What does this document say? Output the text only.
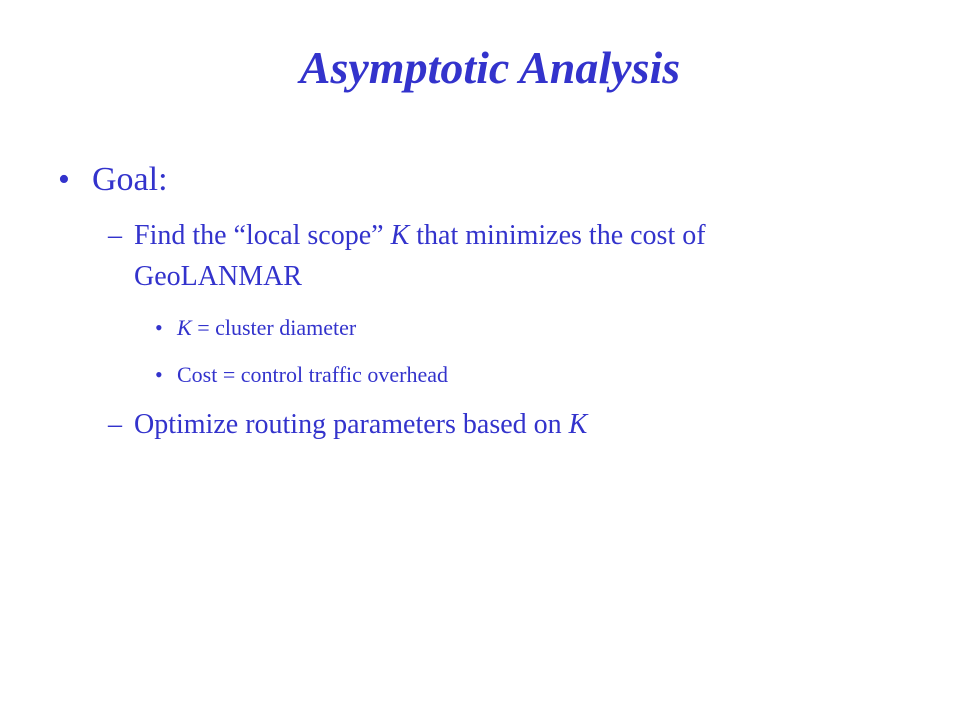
Asymptotic Analysis
• Goal:
– Find the “local scope” K that minimizes the cost of
GeoLANMAR
• K = cluster diameter
• Cost = control traffic overhead
– Optimize routing parameters based on K
